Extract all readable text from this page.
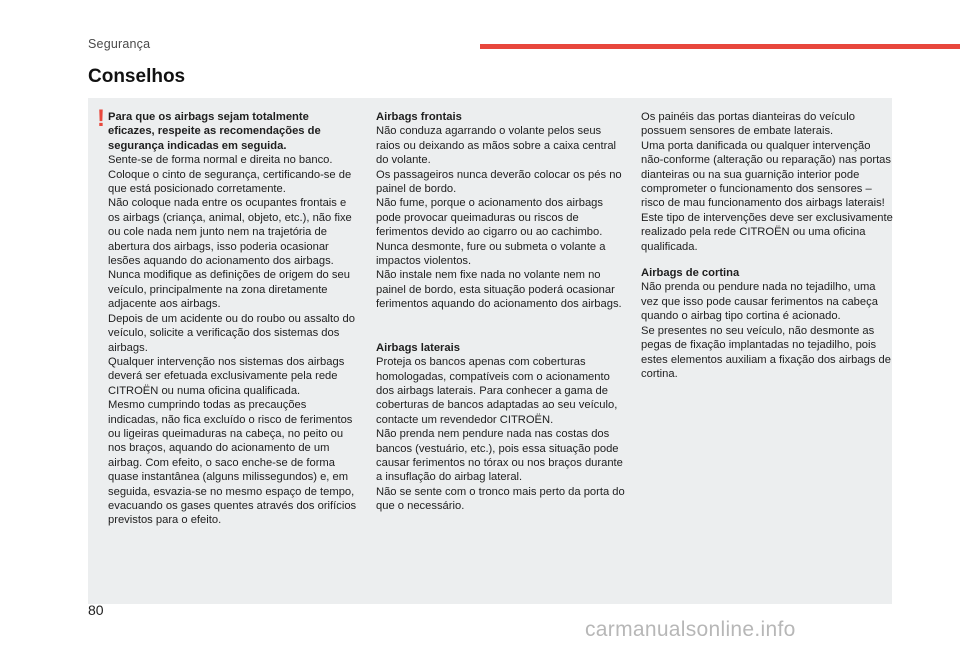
Segurança
Conselhos
! Para que os airbags sejam totalmente eficazes, respeite as recomendações de segurança indicadas em seguida.

Sente-se de forma normal e direita no banco.

Coloque o cinto de segurança, certificando-se de que está posicionado corretamente.

Não coloque nada entre os ocupantes frontais e os airbags (criança, animal, objeto, etc.), não fixe ou cole nada nem junto nem na trajetória de abertura dos airbags, isso poderia ocasionar lesões aquando do acionamento dos airbags.

Nunca modifique as definições de origem do seu veículo, principalmente na zona diretamente adjacente aos airbags.

Depois de um acidente ou do roubo ou assalto do veículo, solicite a verificação dos sistemas dos airbags.

Qualquer intervenção nos sistemas dos airbags deverá ser efetuada exclusivamente pela rede CITROËN ou numa oficina qualificada.

Mesmo cumprindo todas as precauções indicadas, não fica excluído o risco de ferimentos ou ligeiras queimaduras na cabeça, no peito ou nos braços, aquando do acionamento de um airbag. Com efeito, o saco enche-se de forma quase instantânea (alguns milissegundos) e, em seguida, esvazia-se no mesmo espaço de tempo, evacuando os gases quentes através dos orifícios previstos para o efeito.

Airbags frontais

Não conduza agarrando o volante pelos seus raios ou deixando as mãos sobre a caixa central do volante.

Os passageiros nunca deverão colocar os pés no painel de bordo.

Não fume, porque o acionamento dos airbags pode provocar queimaduras ou riscos de ferimentos devido ao cigarro ou ao cachimbo.

Nunca desmonte, fure ou submeta o volante a impactos violentos.

Não instale nem fixe nada no volante nem no painel de bordo, esta situação poderá ocasionar ferimentos aquando do acionamento dos airbags.

Airbags laterais

Proteja os bancos apenas com coberturas homologadas, compatíveis com o acionamento dos airbags laterais. Para conhecer a gama de coberturas de bancos adaptadas ao seu veículo, contacte um revendedor CITROËN.

Não prenda nem pendure nada nas costas dos bancos (vestuário, etc.), pois essa situação pode causar ferimentos no tórax ou nos braços durante a insuflação do airbag lateral.

Não se sente com o tronco mais perto da porta do que o necessário.

Os painéis das portas dianteiras do veículo possuem sensores de embate laterais.

Uma porta danificada ou qualquer intervenção não-conforme (alteração ou reparação) nas portas dianteiras ou na sua guarnição interior pode comprometer o funcionamento dos sensores – risco de mau funcionamento dos airbags laterais!

Este tipo de intervenções deve ser exclusivamente realizado pela rede CITROËN ou uma oficina qualificada.

Airbags de cortina

Não prenda ou pendure nada no tejadilho, uma vez que isso pode causar ferimentos na cabeça quando o airbag tipo cortina é acionado.

Se presentes no seu veículo, não desmonte as pegas de fixação implantadas no tejadilho, pois estes elementos auxiliam a fixação dos airbags de cortina.

80
carmanualsonline.info
